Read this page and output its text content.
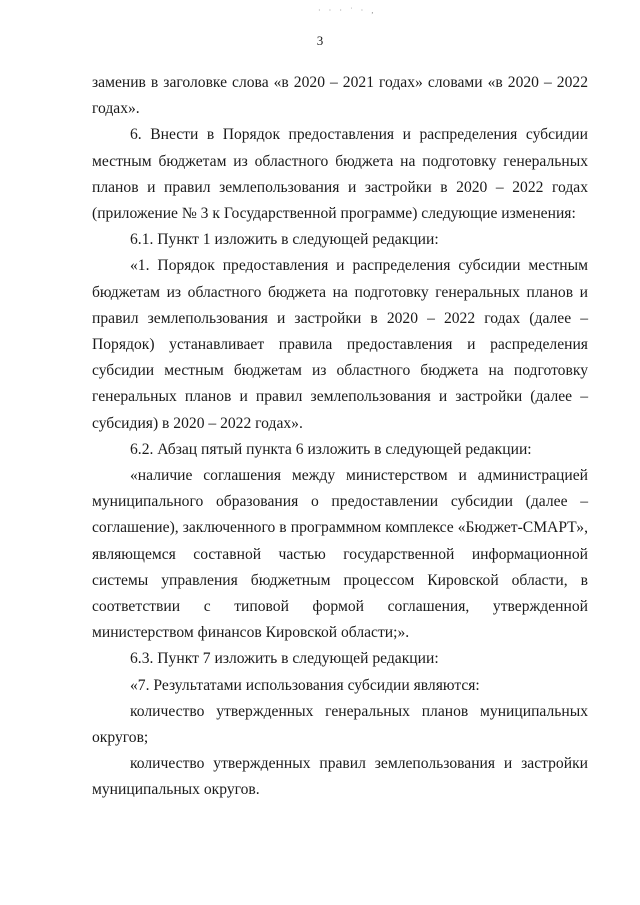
· · · ˙ · ,
3

заменив в заголовке слова «в 2020 – 2021 годах» словами «в 2020 – 2022 годах».

6. Внести в Порядок предоставления и распределения субсидии местным бюджетам из областного бюджета на подготовку генеральных планов и правил землепользования и застройки в 2020 – 2022 годах (приложение № 3 к Государственной программе) следующие изменения:

6.1. Пункт 1 изложить в следующей редакции:

«1. Порядок предоставления и распределения субсидии местным бюджетам из областного бюджета на подготовку генеральных планов и правил землепользования и застройки в 2020 – 2022 годах (далее – Порядок) устанавливает правила предоставления и распределения субсидии местным бюджетам из областного бюджета на подготовку генеральных планов и правил землепользования и застройки (далее – субсидия) в 2020 – 2022 годах».

6.2. Абзац пятый пункта 6 изложить в следующей редакции:

«наличие соглашения между министерством и администрацией муниципального образования о предоставлении субсидии (далее – соглашение), заключенного в программном комплексе «Бюджет-СМАРТ», являющемся составной частью государственной информационной системы управления бюджетным процессом Кировской области, в соответствии с типовой формой соглашения, утвержденной министерством финансов Кировской области;».

6.3. Пункт 7 изложить в следующей редакции:

«7. Результатами использования субсидии являются:

количество утвержденных генеральных планов муниципальных округов;

количество утвержденных правил землепользования и застройки муниципальных округов.
